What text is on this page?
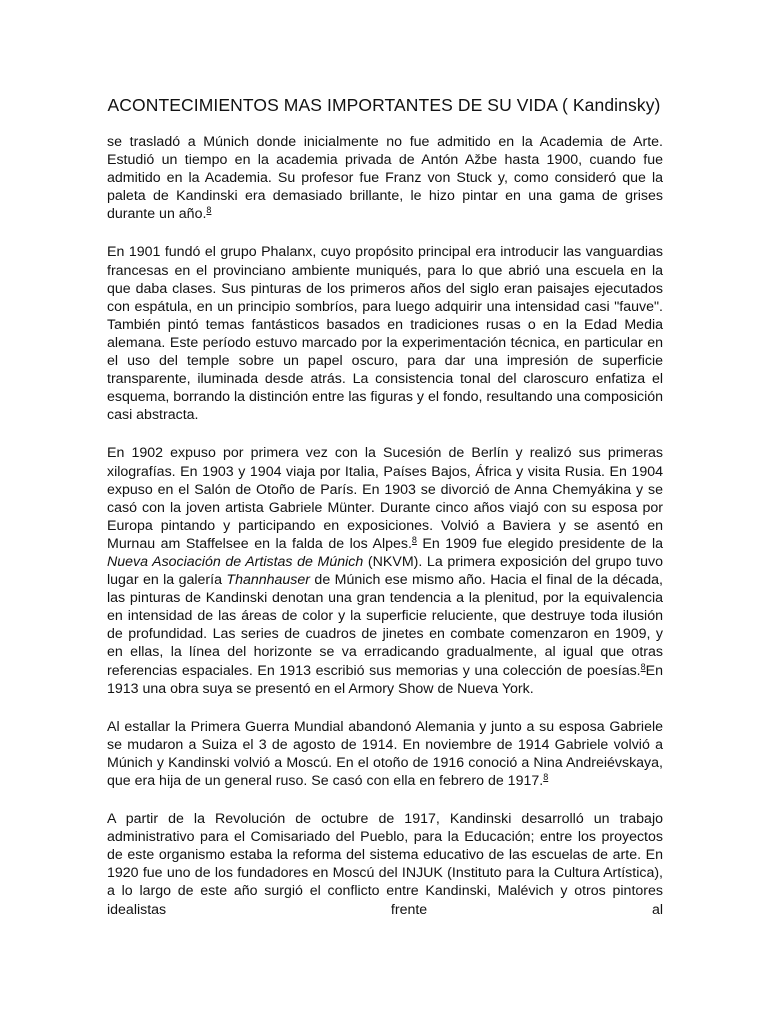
ACONTECIMIENTOS MAS IMPORTANTES DE SU VIDA ( Kandinsky)

se trasladó a Múnich donde inicialmente no fue admitido en la Academia de Arte. Estudió un tiempo en la academia privada de Antón Ažbe hasta 1900, cuando fue admitido en la Academia. Su profesor fue Franz von Stuck y, como consideró que la paleta de Kandinski era demasiado brillante, le hizo pintar en una gama de grises durante un año.$^8$

En 1901 fundó el grupo Phalanx, cuyo propósito principal era introducir las vanguardias francesas en el provinciano ambiente muniqués, para lo que abrió una escuela en la que daba clases. Sus pinturas de los primeros años del siglo eran paisajes ejecutados con espátula, en un principio sombríos, para luego adquirir una intensidad casi "fauve". También pintó temas fantásticos basados en tradiciones rusas o en la Edad Media alemana. Este período estuvo marcado por la experimentación técnica, en particular en el uso del temple sobre un papel oscuro, para dar una impresión de superficie transparente, iluminada desde atrás. La consistencia tonal del claroscuro enfatiza el esquema, borrando la distinción entre las figuras y el fondo, resultando una composición casi abstracta.

En 1902 expuso por primera vez con la Sucesión de Berlín y realizó sus primeras xilografías. En 1903 y 1904 viaja por Italia, Países Bajos, África y visita Rusia. En 1904 expuso en el Salón de Otoño de París. En 1903 se divorció de Anna Chemyákina y se casó con la joven artista Gabriele Münter. Durante cinco años viajó con su esposa por Europa pintando y participando en exposiciones. Volvió a Baviera y se asentó en Murnau am Staffelsee en la falda de los Alpes.$^8$ En 1909 fue elegido presidente de la Nueva Asociación de Artistas de Múnich (NKVM). La primera exposición del grupo tuvo lugar en la galería Thannhauser de Múnich ese mismo año. Hacia el final de la década, las pinturas de Kandinski denotan una gran tendencia a la plenitud, por la equivalencia en intensidad de las áreas de color y la superficie reluciente, que destruye toda ilusión de profundidad. Las series de cuadros de jinetes en combate comenzaron en 1909, y en ellas, la línea del horizonte se va erradicando gradualmente, al igual que otras referencias espaciales. En 1913 escribió sus memorias y una colección de poesías.$^8$En 1913 una obra suya se presentó en el Armory Show de Nueva York.

Al estallar la Primera Guerra Mundial abandonó Alemania y junto a su esposa Gabriele se mudaron a Suiza el 3 de agosto de 1914. En noviembre de 1914 Gabriele volvió a Múnich y Kandinski volvió a Moscú. En el otoño de 1916 conoció a Nina Andreiévskaya, que era hija de un general ruso. Se casó con ella en febrero de 1917.$^8$

A partir de la Revolución de octubre de 1917, Kandinski desarrolló un trabajo administrativo para el Comisariado del Pueblo, para la Educación; entre los proyectos de este organismo estaba la reforma del sistema educativo de las escuelas de arte. En 1920 fue uno de los fundadores en Moscú del INJUK (Instituto para la Cultura Artística), a lo largo de este año surgió el conflicto entre Kandinski, Malévich y otros pintores idealistas frente al
